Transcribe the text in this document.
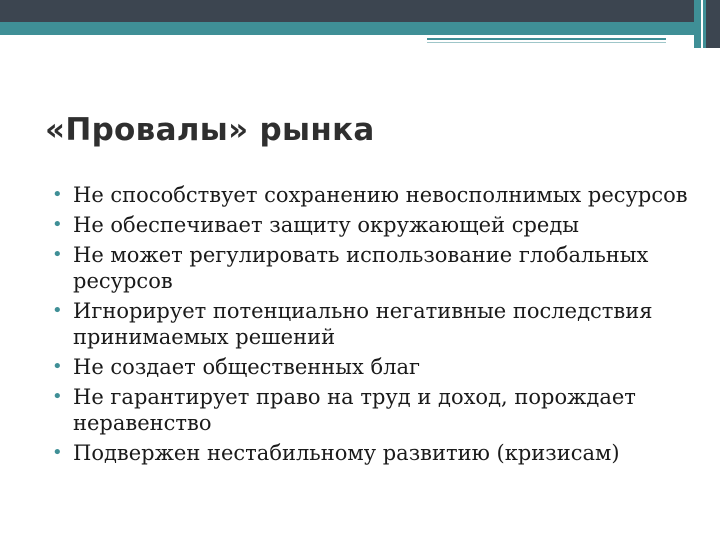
«Провалы» рынка
• Не способствует сохранению невосполнимых ресурсов
• Не обеспечивает защиту окружающей среды
• Не может регулировать использование глобальных ресурсов
• Игнорирует потенциально негативные последствия принимаемых решений
• Не создает общественных благ
• Не гарантирует право на труд и доход, порождает неравенство
• Подвержен нестабильному развитию (кризисам)
